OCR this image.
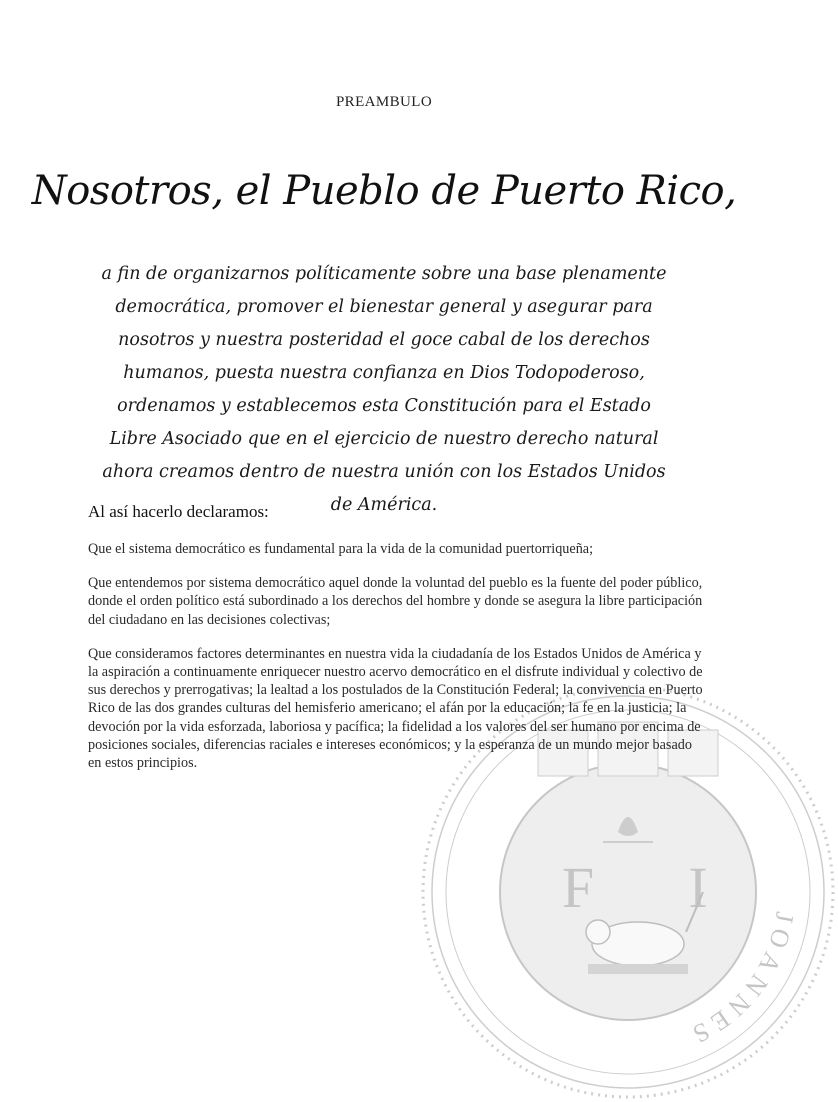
F I
JOANNES
PREAMBULO
Nosotros, el Pueblo de Puerto Rico,
a fin de organizarnos políticamente sobre una base plenamente democrática, promover el bienestar general y asegurar para nosotros y nuestra posteridad el goce cabal de los derechos humanos, puesta nuestra confianza en Dios Todopoderoso, ordenamos y establecemos esta Constitución para el Estado Libre Asociado que en el ejercicio de nuestro derecho natural ahora creamos dentro de nuestra unión con los Estados Unidos de América.
Al así hacerlo declaramos:

Que el sistema democrático es fundamental para la vida de la comunidad puertorriqueña;

Que entendemos por sistema democrático aquel donde la voluntad del pueblo es la fuente del poder público, donde el orden político está subordinado a los derechos del hombre y donde se asegura la libre participación del ciudadano en las decisiones colectivas;

Que consideramos factores determinantes en nuestra vida la ciudadanía de los Estados Unidos de América y la aspiración a continuamente enriquecer nuestro acervo democrático en el disfrute individual y colectivo de sus derechos y prerrogativas; la lealtad a los postulados de la Constitución Federal; la convivencia en Puerto Rico de las dos grandes culturas del hemisferio americano; el afán por la educación; la fe en la justicia; la devoción por la vida esforzada, laboriosa y pacífica; la fidelidad a los valores del ser humano por encima de posiciones sociales, diferencias raciales e intereses económicos; y la esperanza de un mundo mejor basado en estos principios.
